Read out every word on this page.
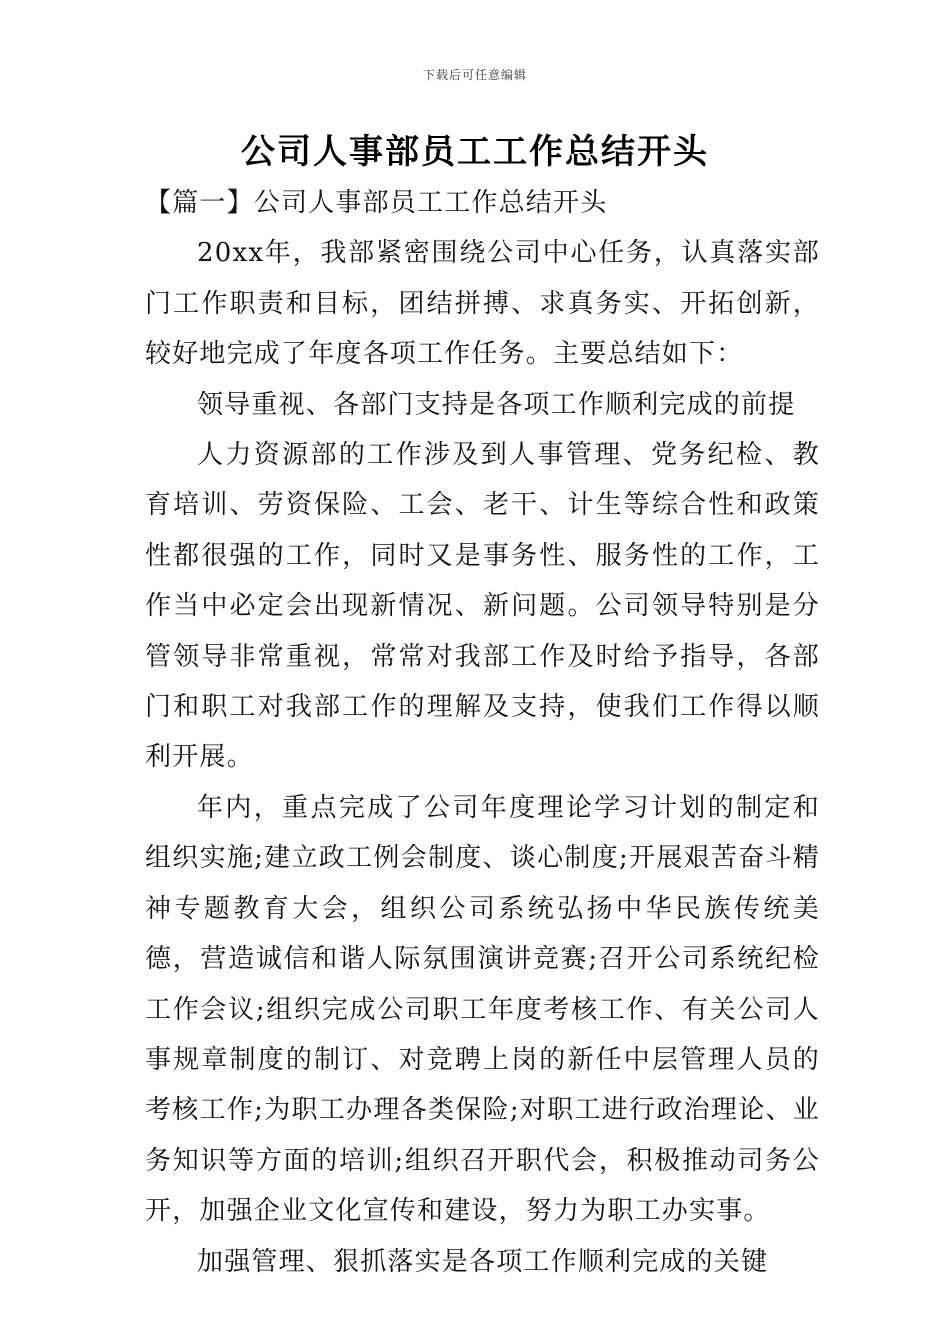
下载后可任意编辑
公司人事部员工工作总结开头

【篇一】公司人事部员工工作总结开头

20xx年，我部紧密围绕公司中心任务，认真落实部门工作职责和目标，团结拼搏、求真务实、开拓创新，较好地完成了年度各项工作任务。主要总结如下：

领导重视、各部门支持是各项工作顺利完成的前提

人力资源部的工作涉及到人事管理、党务纪检、教育培训、劳资保险、工会、老干、计生等综合性和政策性都很强的工作，同时又是事务性、服务性的工作，工作当中必定会出现新情况、新问题。公司领导特别是分管领导非常重视，常常对我部工作及时给予指导，各部门和职工对我部工作的理解及支持，使我们工作得以顺利开展。

年内，重点完成了公司年度理论学习计划的制定和组织实施;建立政工例会制度、谈心制度;开展艰苦奋斗精神专题教育大会，组织公司系统弘扬中华民族传统美德，营造诚信和谐人际氛围演讲竞赛;召开公司系统纪检工作会议;组织完成公司职工年度考核工作、有关公司人事规章制度的制订、对竞聘上岗的新任中层管理人员的考核工作;为职工办理各类保险;对职工进行政治理论、业务知识等方面的培训;组织召开职代会，积极推动司务公开，加强企业文化宣传和建设，努力为职工办实事。

加强管理、狠抓落实是各项工作顺利完成的关键
